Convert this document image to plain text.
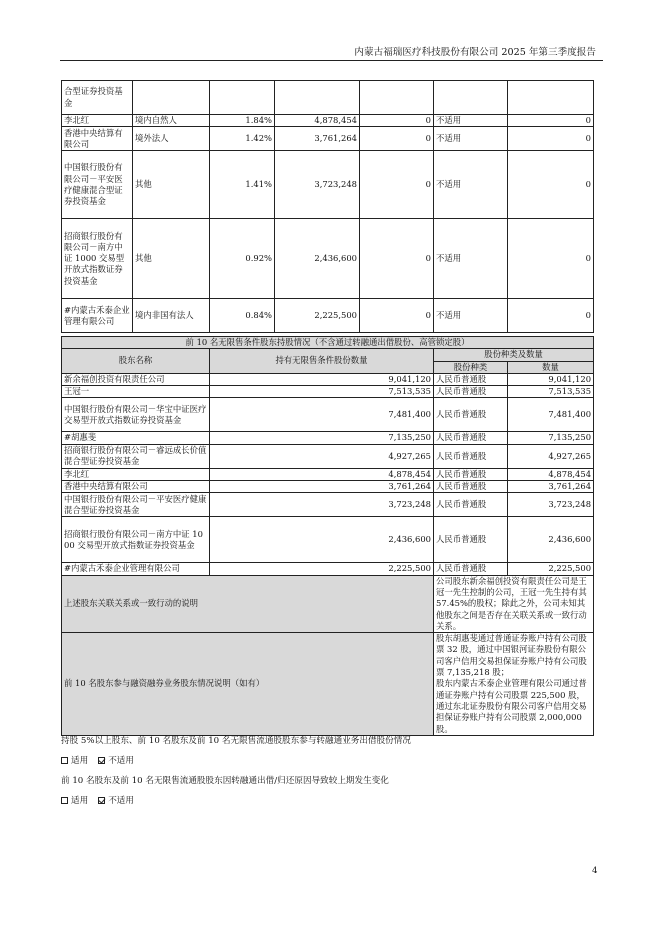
内蒙古福瑞医疗科技股份有限公司 2025 年第三季度报告
合型证券投资基金						
李北红	境内自然人	1.84%	4,878,454	0	不适用	0
香港中央结算有限公司	境外法人	1.42%	3,761,264	0	不适用	0
中国银行股份有限公司－平安医疗健康混合型证券投资基金	其他	1.41%	3,723,248	0	不适用	0
招商银行股份有限公司－南方中证 1000 交易型开放式指数证券投资基金	其他	0.92%	2,436,600	0	不适用	0
#内蒙古禾泰企业管理有限公司	境内非国有法人	0.84%	2,225,500	0	不适用	0
前 10 名无限售条件股东持股情况（不含通过转融通出借股份、高管锁定股）			
股东名称	持有无限售条件股份数量	股份种类及数量	
		股份种类	数量
新余福创投资有限责任公司	9,041,120	人民币普通股	9,041,120
王冠一	7,513,535	人民币普通股	7,513,535
中国银行股份有限公司－华宝中证医疗交易型开放式指数证券投资基金	7,481,400	人民币普通股	7,481,400
#胡惠斐	7,135,250	人民币普通股	7,135,250
招商银行股份有限公司－睿远成长价值混合型证券投资基金	4,927,265	人民币普通股	4,927,265
李北红	4,878,454	人民币普通股	4,878,454
香港中央结算有限公司	3,761,264	人民币普通股	3,761,264
中国银行股份有限公司－平安医疗健康混合型证券投资基金	3,723,248	人民币普通股	3,723,248
招商银行股份有限公司－南方中证 1000 交易型开放式指数证券投资基金	2,436,600	人民币普通股	2,436,600
#内蒙古禾泰企业管理有限公司	2,225,500	人民币普通股	2,225,500
上述股东关联关系或一致行动的说明		公司股东新余福创投资有限责任公司是王冠一先生控制的公司，王冠一先生持有其 57.45%的股权；除此之外，公司未知其他股东之间是否存在关联关系或一致行动关系。	
前 10 名股东参与融资融券业务股东情况说明（如有）		股东胡惠斐通过普通证券账户持有公司股票 32 股，通过中国银河证券股份有限公司客户信用交易担保证券账户持有公司股票 7,135,218 股；
股东内蒙古禾泰企业管理有限公司通过普通证券账户持有公司股票 225,500 股，通过东北证券股份有限公司客户信用交易担保证券账户持有公司股票 2,000,000 股。	
持股 5%以上股东、前 10 名股东及前 10 名无限售流通股股东参与转融通业务出借股份情况
适用 不适用
前 10 名股东及前 10 名无限售流通股股东因转融通出借/归还原因导致较上期发生变化
适用 不适用
4
